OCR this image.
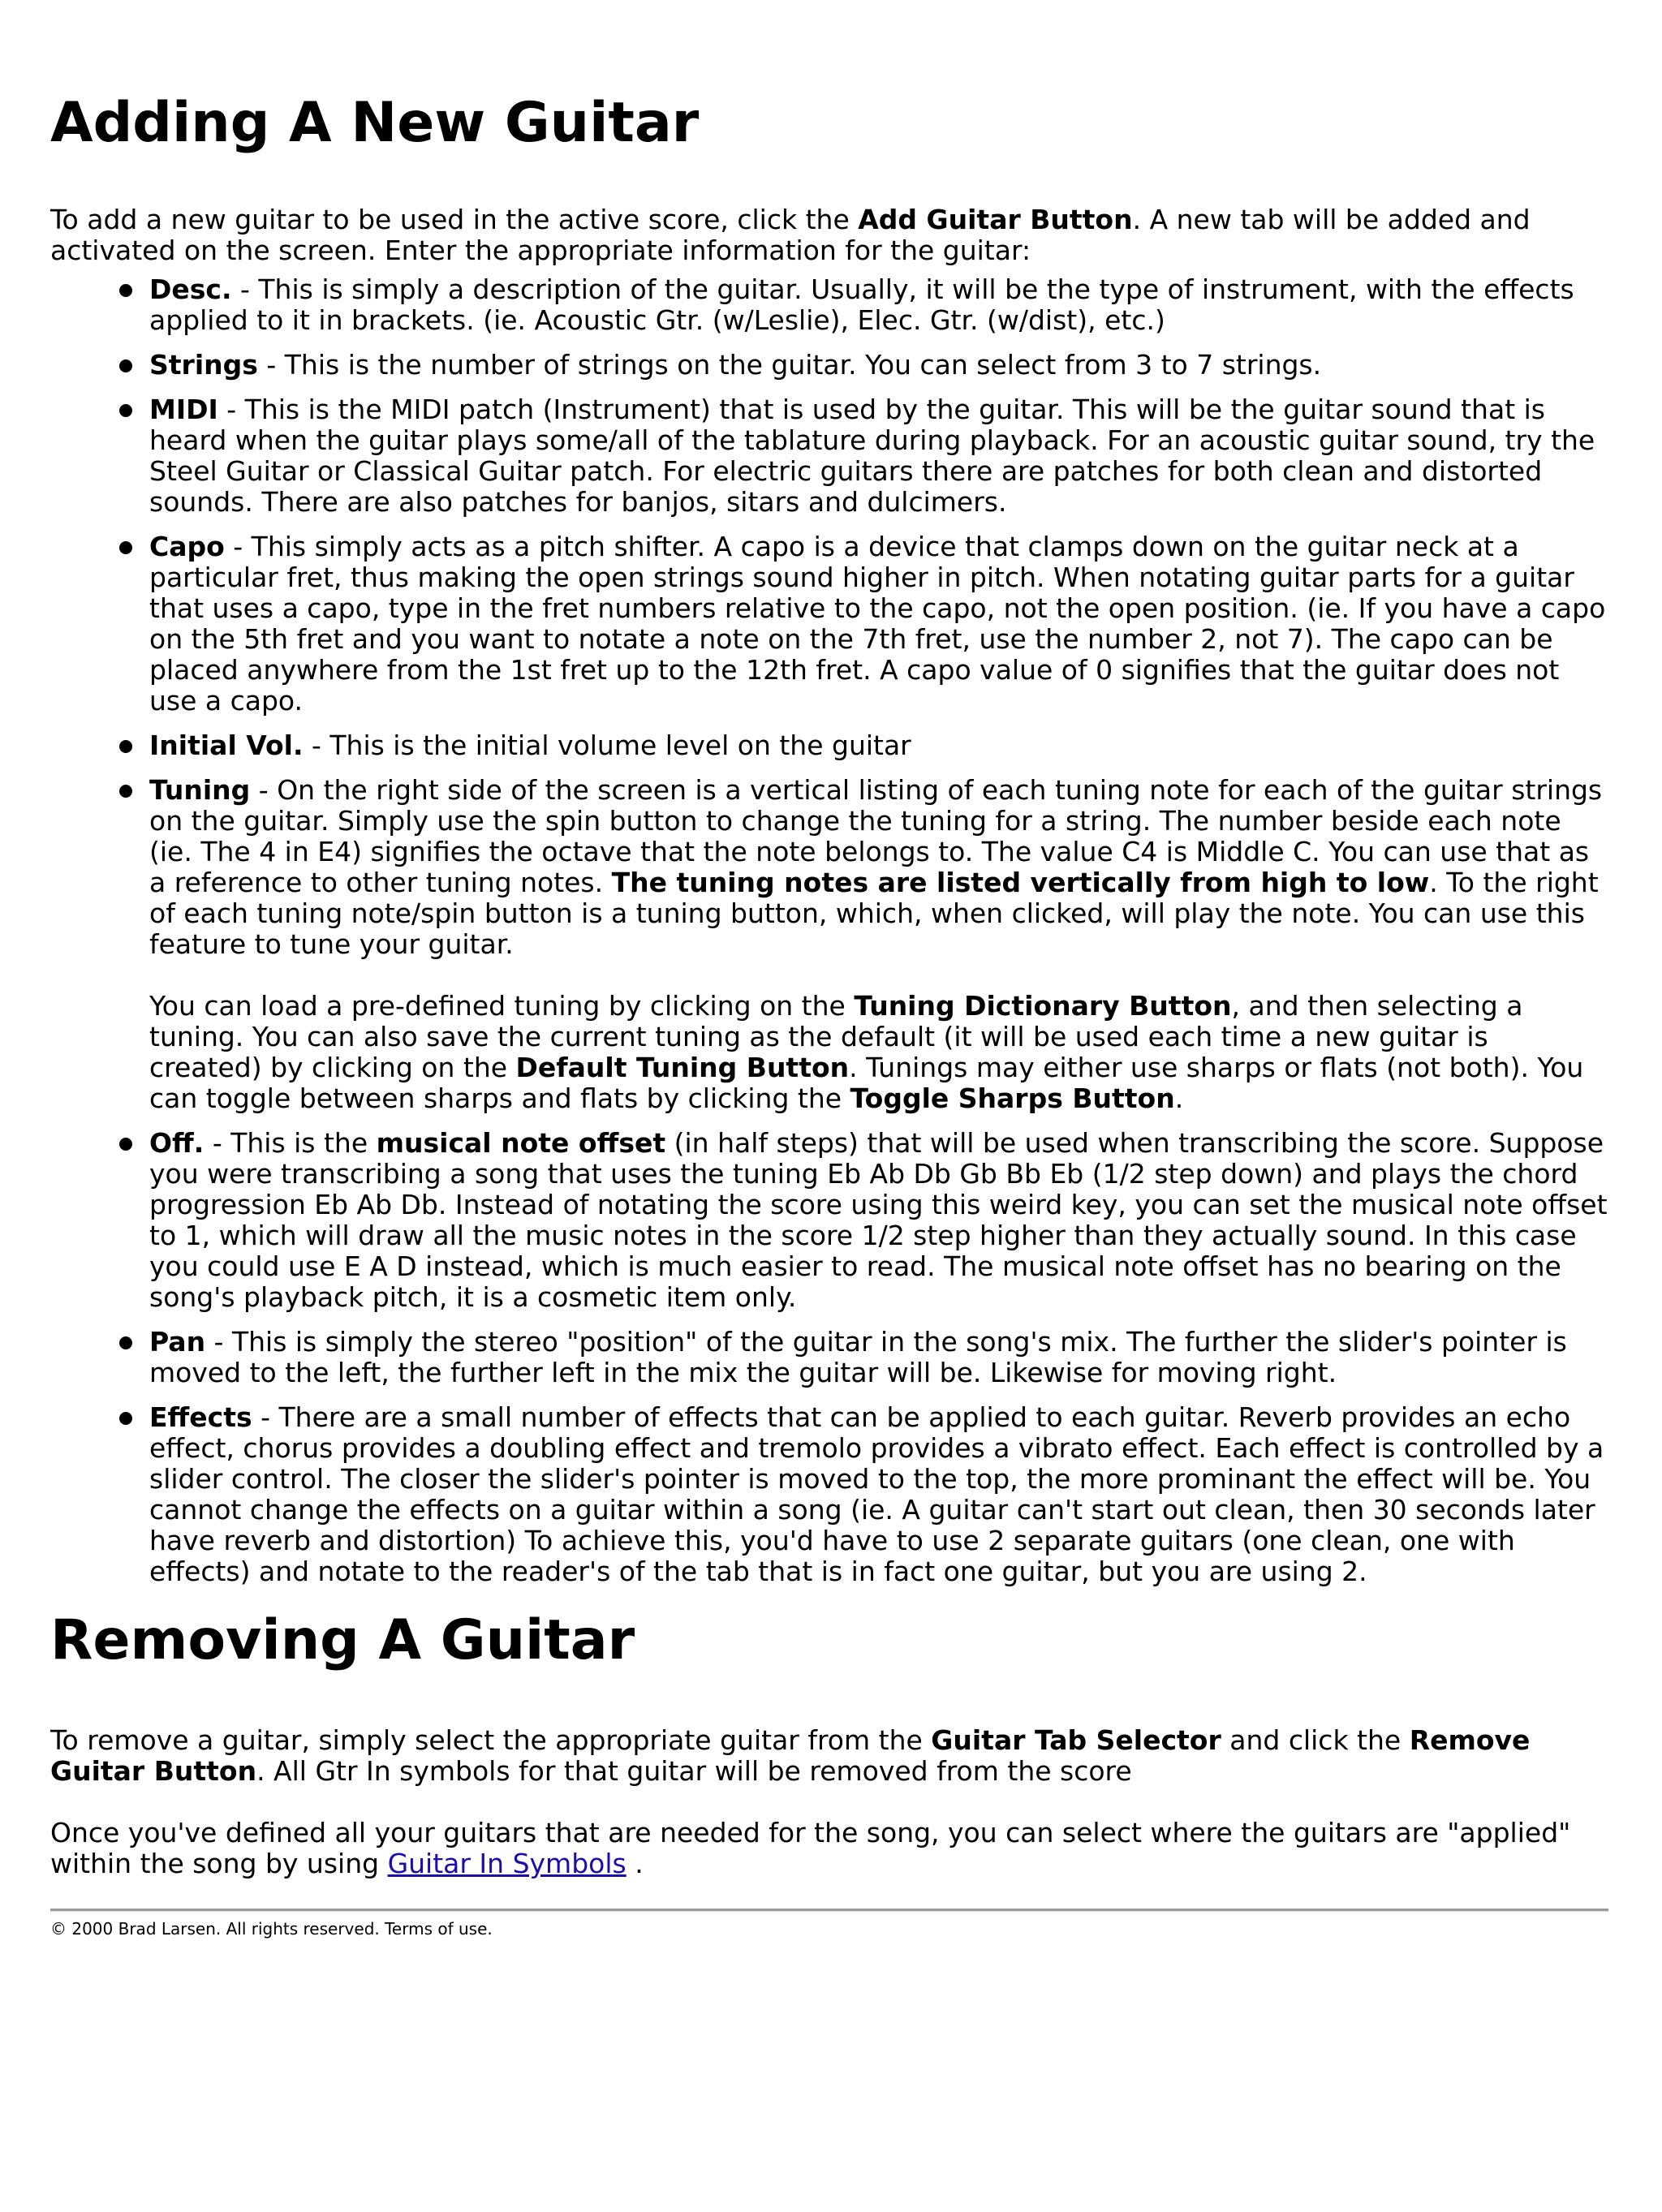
Adding A New Guitar

To add a new guitar to be used in the active score, click the Add Guitar Button. A new tab will be added and activated on the screen. Enter the appropriate information for the guitar:

Desc. - This is simply a description of the guitar. Usually, it will be the type of instrument, with the effects applied to it in brackets. (ie. Acoustic Gtr. (w/Leslie), Elec. Gtr. (w/dist), etc.)
Strings - This is the number of strings on the guitar. You can select from 3 to 7 strings.
MIDI - This is the MIDI patch (Instrument) that is used by the guitar. This will be the guitar sound that is heard when the guitar plays some/all of the tablature during playback. For an acoustic guitar sound, try the Steel Guitar or Classical Guitar patch. For electric guitars there are patches for both clean and distorted sounds. There are also patches for banjos, sitars and dulcimers.
Capo - This simply acts as a pitch shifter. A capo is a device that clamps down on the guitar neck at a particular fret, thus making the open strings sound higher in pitch. When notating guitar parts for a guitar that uses a capo, type in the fret numbers relative to the capo, not the open position. (ie. If you have a capo on the 5th fret and you want to notate a note on the 7th fret, use the number 2, not 7). The capo can be placed anywhere from the 1st fret up to the 12th fret. A capo value of 0 signifies that the guitar does not use a capo.
Initial Vol. - This is the initial volume level on the guitar
Tuning - On the right side of the screen is a vertical listing of each tuning note for each of the guitar strings on the guitar. Simply use the spin button to change the tuning for a string. The number beside each note (ie. The 4 in E4) signifies the octave that the note belongs to. The value C4 is Middle C. You can use that as a reference to other tuning notes. The tuning notes are listed vertically from high to low. To the right of each tuning note/spin button is a tuning button, which, when clicked, will play the note. You can use this feature to tune your guitar.
You can load a pre-defined tuning by clicking on the Tuning Dictionary Button, and then selecting a tuning. You can also save the current tuning as the default (it will be used each time a new guitar is created) by clicking on the Default Tuning Button. Tunings may either use sharps or flats (not both). You can toggle between sharps and flats by clicking the Toggle Sharps Button.
Off. - This is the musical note offset (in half steps) that will be used when transcribing the score. Suppose you were transcribing a song that uses the tuning Eb Ab Db Gb Bb Eb (1/2 step down) and plays the chord progression Eb Ab Db. Instead of notating the score using this weird key, you can set the musical note offset to 1, which will draw all the music notes in the score 1/2 step higher than they actually sound. In this case you could use E A D instead, which is much easier to read. The musical note offset has no bearing on the song's playback pitch, it is a cosmetic item only.
Pan - This is simply the stereo "position" of the guitar in the song's mix. The further the slider's pointer is moved to the left, the further left in the mix the guitar will be. Likewise for moving right.
Effects - There are a small number of effects that can be applied to each guitar. Reverb provides an echo effect, chorus provides a doubling effect and tremolo provides a vibrato effect. Each effect is controlled by a slider control. The closer the slider's pointer is moved to the top, the more prominant the effect will be. You cannot change the effects on a guitar within a song (ie. A guitar can't start out clean, then 30 seconds later have reverb and distortion) To achieve this, you'd have to use 2 separate guitars (one clean, one with effects) and notate to the reader's of the tab that is in fact one guitar, but you are using 2.
Removing A Guitar

To remove a guitar, simply select the appropriate guitar from the Guitar Tab Selector and click the Remove Guitar Button. All Gtr In symbols for that guitar will be removed from the score

Once you've defined all your guitars that are needed for the song, you can select where the guitars are "applied" within the song by using Guitar In Symbols .

© 2000 Brad Larsen. All rights reserved. Terms of use.
